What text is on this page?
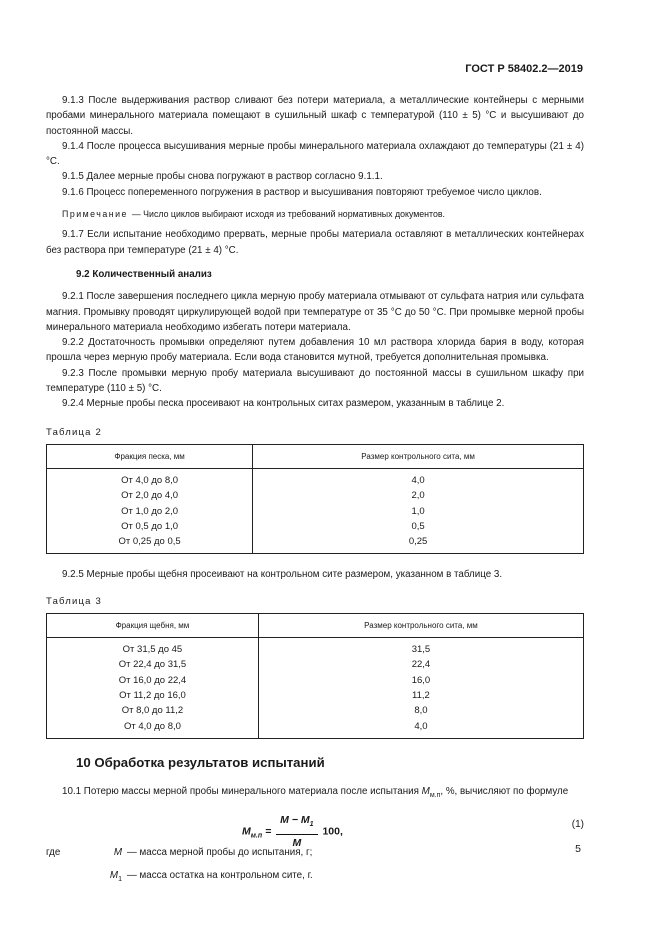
ГОСТ Р 58402.2—2019

9.1.3 После выдерживания раствор сливают без потери материала, а металлические контейнеры с мерными пробами минерального материала помещают в сушильный шкаф с температурой (110 ± 5) °С и высушивают до постоянной массы.

9.1.4 После процесса высушивания мерные пробы минерального материала охлаждают до температуры (21 ± 4) °С.

9.1.5 Далее мерные пробы снова погружают в раствор согласно 9.1.1.

9.1.6 Процесс попеременного погружения в раствор и высушивания повторяют требуемое число циклов.

Примечание — Число циклов выбирают исходя из требований нормативных документов.

9.1.7 Если испытание необходимо прервать, мерные пробы материала оставляют в металлических контейнерах без раствора при температуре (21 ± 4) °С.

9.2 Количественный анализ

9.2.1 После завершения последнего цикла мерную пробу материала отмывают от сульфата натрия или сульфата магния. Промывку проводят циркулирующей водой при температуре от 35 °С до 50 °С. При промывке мерной пробы минерального материала необходимо избегать потери материала.

9.2.2 Достаточность промывки определяют путем добавления 10 мл раствора хлорида бария в воду, которая прошла через мерную пробу материала. Если вода становится мутной, требуется дополнительная промывка.

9.2.3 После промывки мерную пробу материала высушивают до постоянной массы в сушильном шкафу при температуре (110 ± 5) °С.

9.2.4 Мерные пробы песка просеивают на контрольных ситах размером, указанным в таблице 2.

Таблица 2
Фракция песка, мм	Размер контрольного сита, мм
От 4,0 до 8,0	4,0
От 2,0 до 4,0	2,0
От 1,0 до 2,0	1,0
От 0,5 до 1,0	0,5
От 0,25 до 0,5	0,25

9.2.5 Мерные пробы щебня просеивают на контрольном сите размером, указанном в таблице 3.

Таблица 3
Фракция щебня, мм	Размер контрольного сита, мм
От 31,5 до 45	31,5
От 22,4 до 31,5	22,4
От 16,0 до 22,4	16,0
От 11,2 до 16,0	11,2
От 8,0 до 11,2	8,0
От 4,0 до 8,0	4,0
10 Обработка результатов испытаний

10.1 Потерю массы мерной пробы минерального материала после испытания $М_{м.п}$, %, вычисляют по формуле

$М_{м.п} = \frac{М - М_1}{М} 100$,
(1)
где	М — масса мерной пробы до испытания, г;
$М_1$ — масса остатка на контрольном сите, г.
5
